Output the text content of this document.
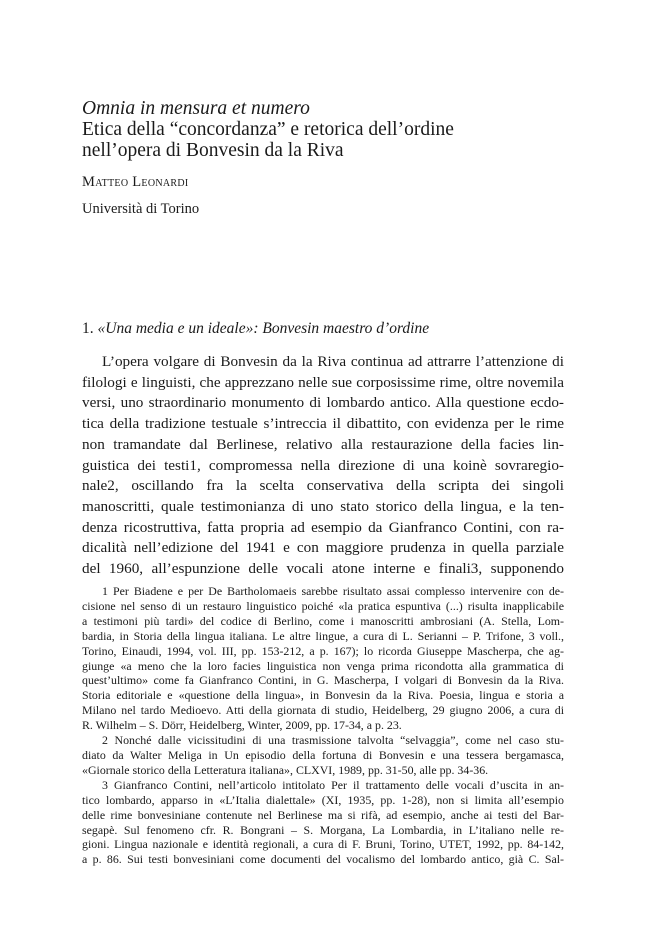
Omnia in mensura et numero

Etica della “concordanza” e retorica dell’ordine

nell’opera di Bonvesin da la Riva

Matteo Leonardi
Università di Torino
1. «Una media e un ideale»: Bonvesin maestro d’ordine
L’opera volgare di Bonvesin da la Riva continua ad attrarre l’attenzione di
filologi e linguisti, che apprezzano nelle sue corposissime rime, oltre novemila
versi, uno straordinario monumento di lombardo antico. Alla questione ecdo-
tica della tradizione testuale s’intreccia il dibattito, con evidenza per le rime
non tramandate dal Berlinese, relativo alla restaurazione della facies lin-
guistica dei testi1, compromessa nella direzione di una koinè sovraregio-
nale2, oscillando fra la scelta conservativa della scripta dei singoli
manoscritti, quale testimonianza di uno stato storico della lingua, e la ten-
denza ricostruttiva, fatta propria ad esempio da Gianfranco Contini, con ra-
dicalità nell’edizione del 1941 e con maggiore prudenza in quella parziale
del 1960, all’espunzione delle vocali atone interne e finali3, supponendo
1 Per Biadene e per De Bartholomaeis sarebbe risultato assai complesso intervenire con de-
cisione nel senso di un restauro linguistico poiché «la pratica espuntiva (...) risulta inapplicabile
a testimoni più tardi» del codice di Berlino, come i manoscritti ambrosiani (A. Stella, Lom-
bardia, in Storia della lingua italiana. Le altre lingue, a cura di L. Serianni – P. Trifone, 3 voll.,
Torino, Einaudi, 1994, vol. III, pp. 153-212, a p. 167); lo ricorda Giuseppe Mascherpa, che ag-
giunge «a meno che la loro facies linguistica non venga prima ricondotta alla grammatica di
quest’ultimo» come fa Gianfranco Contini, in G. Mascherpa, I volgari di Bonvesin da la Riva.
Storia editoriale e «questione della lingua», in Bonvesin da la Riva. Poesia, lingua e storia a
Milano nel tardo Medioevo. Atti della giornata di studio, Heidelberg, 29 giugno 2006, a cura di
R. Wilhelm – S. Dörr, Heidelberg, Winter, 2009, pp. 17-34, a p. 23.
2 Nonché dalle vicissitudini di una trasmissione talvolta “selvaggia”, come nel caso stu-
diato da Walter Meliga in Un episodio della fortuna di Bonvesin e una tessera bergamasca,
«Giornale storico della Letteratura italiana», CLXVI, 1989, pp. 31-50, alle pp. 34-36.
3 Gianfranco Contini, nell’articolo intitolato Per il trattamento delle vocali d’uscita in an-
tico lombardo, apparso in «L’Italia dialettale» (XI, 1935, pp. 1-28), non si limita all’esempio
delle rime bonvesiniane contenute nel Berlinese ma si rifà, ad esempio, anche ai testi del Bar-
segapè. Sul fenomeno cfr. R. Bongrani – S. Morgana, La Lombardia, in L’italiano nelle re-
gioni. Lingua nazionale e identità regionali, a cura di F. Bruni, Torino, UTET, 1992, pp. 84-142,
a p. 86. Sui testi bonvesiniani come documenti del vocalismo del lombardo antico, già C. Sal-
